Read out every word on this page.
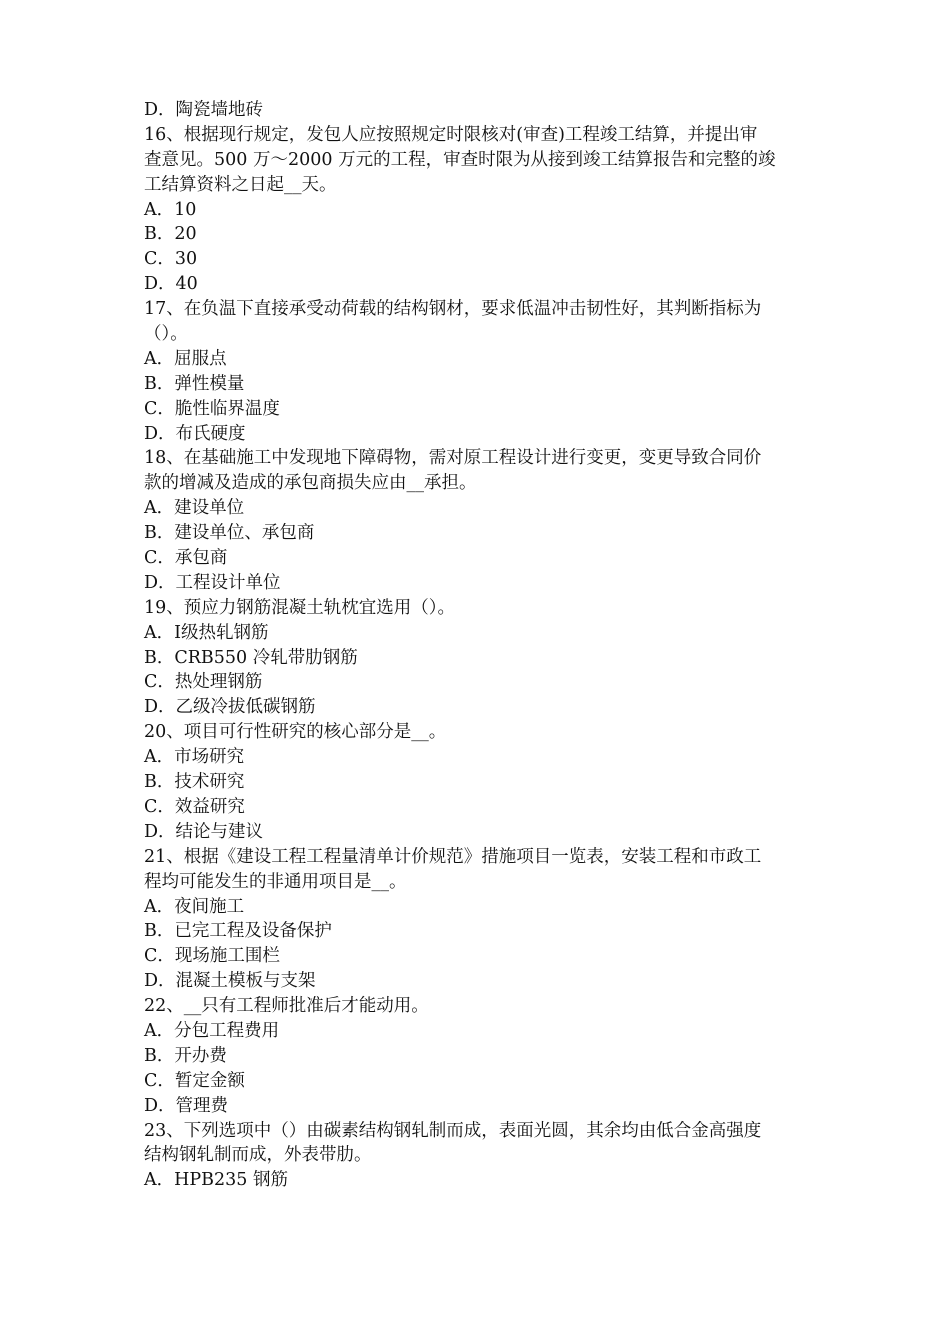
D．陶瓷墙地砖
16、根据现行规定，发包人应按照规定时限核对(审查)工程竣工结算，并提出审
查意见。500 万～2000 万元的工程，审查时限为从接到竣工结算报告和完整的竣
工结算资料之日起__天。
A．10
B．20
C．30
D．40
17、在负温下直接承受动荷载的结构钢材，要求低温冲击韧性好，其判断指标为
（）。
A．屈服点
B．弹性模量
C．脆性临界温度
D．布氏硬度
18、在基础施工中发现地下障碍物，需对原工程设计进行变更，变更导致合同价
款的增减及造成的承包商损失应由__承担。
A．建设单位
B．建设单位、承包商
C．承包商
D．工程设计单位
19、预应力钢筋混凝土轨枕宜选用（）。
A．Ⅰ级热轧钢筋
B．CRB550 冷轧带肋钢筋
C．热处理钢筋
D．乙级冷拔低碳钢筋
20、项目可行性研究的核心部分是__。
A．市场研究
B．技术研究
C．效益研究
D．结论与建议
21、根据《建设工程工程量清单计价规范》措施项目一览表，安装工程和市政工
程均可能发生的非通用项目是__。
A．夜间施工
B．已完工程及设备保护
C．现场施工围栏
D．混凝土模板与支架
22、__只有工程师批准后才能动用。
A．分包工程费用
B．开办费
C．暂定金额
D．管理费
23、下列选项中（）由碳素结构钢轧制而成，表面光圆，其余均由低合金高强度
结构钢轧制而成，外表带肋。
A．HPB235 钢筋
